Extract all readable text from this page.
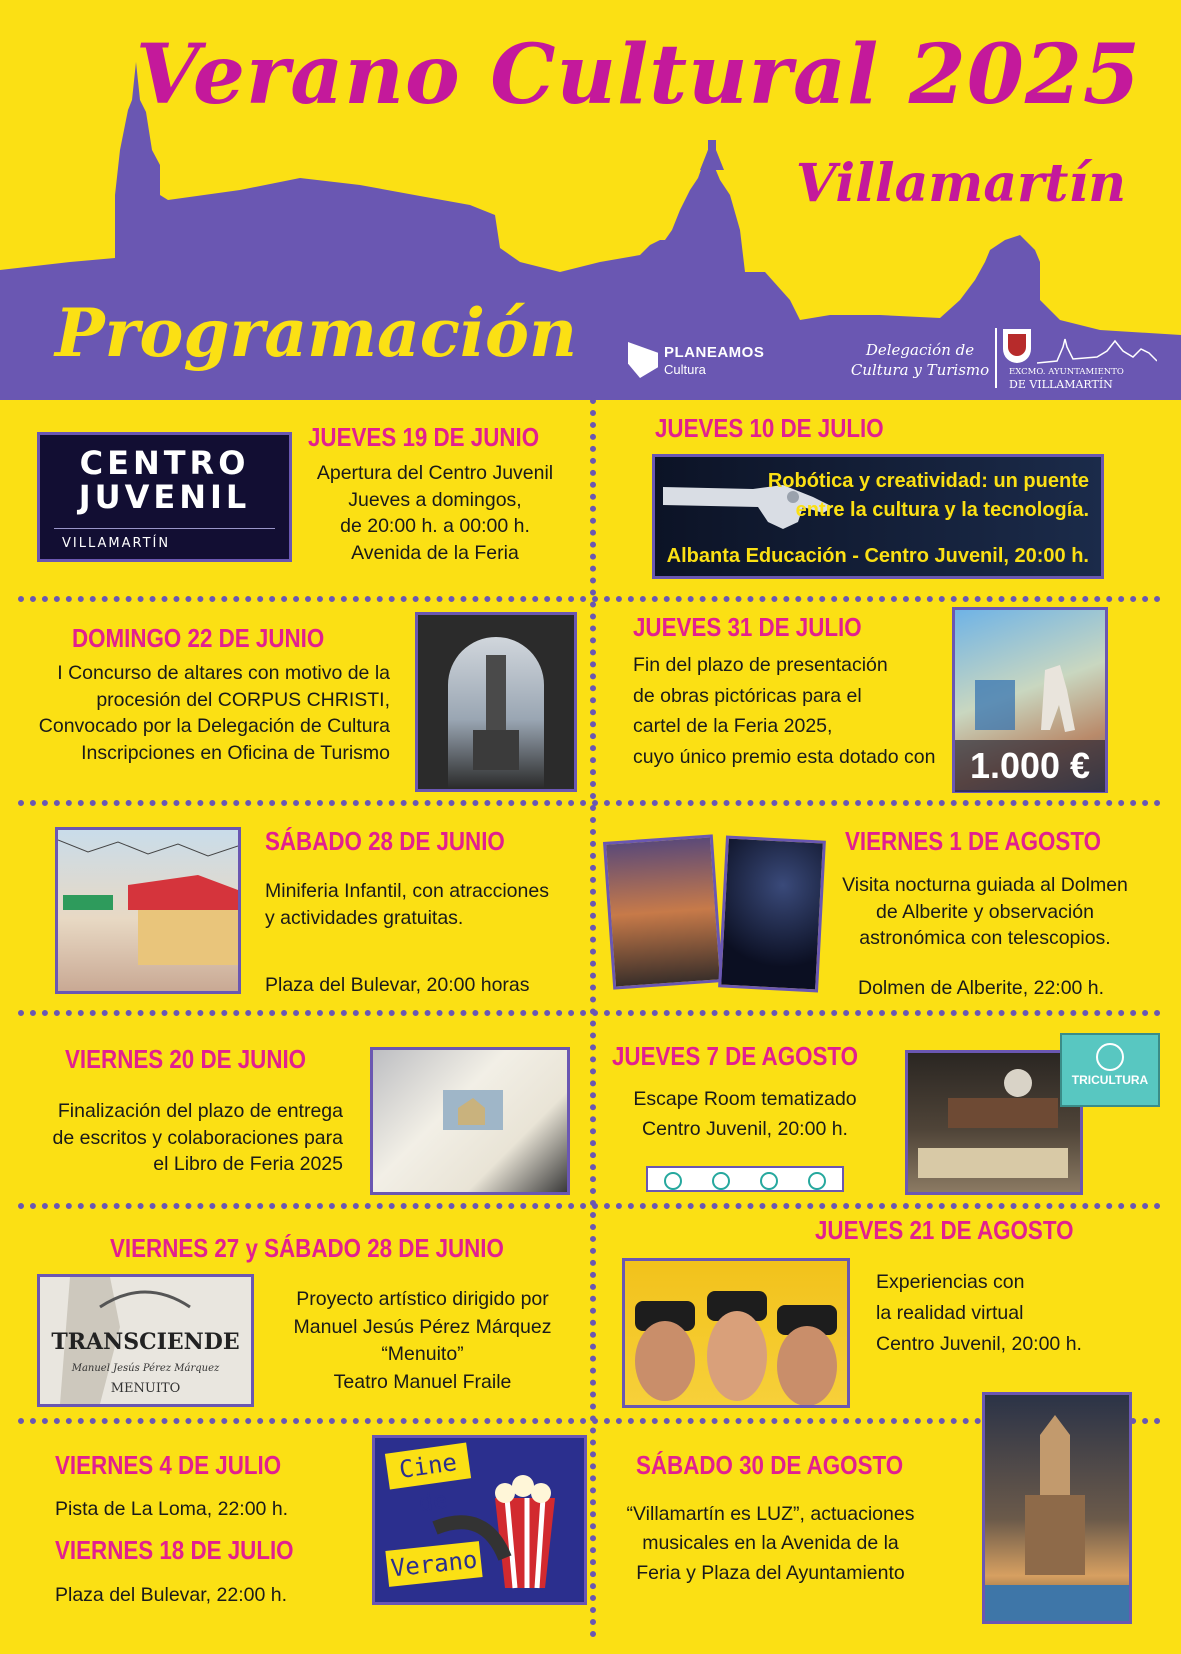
Verano Cultural 2025
Villamartín
Programación	PLANEAMOS
Cultura
Delegación de
Cultura y Turismo EXCMO. AYUNTAMIENTO
DE VILLAMARTÍN
CENTRO
JUVENIL
VILLAMARTÍN
JUEVES 19 DE JUNIO
Apertura del Centro Juvenil
Jueves a domingos,
de 20:00 h. a 00:00 h.
Avenida de la Feria
JUEVES 10 DE JULIO
Robótica y creatividad: un puente
entre la cultura y la tecnología.
Albanta Educación - Centro Juvenil, 20:00 h.
DOMINGO 22 DE JUNIO
I Concurso de altares con motivo de la
procesión del CORPUS CHRISTI,
Convocado por la Delegación de Cultura
Inscripciones en Oficina de Turismo
JUEVES 31 DE JULIO
Fin del plazo de presentación
de obras pictóricas para el
cartel de la Feria 2025,
cuyo único premio esta dotado con 1.000 €
SÁBADO 28 DE JUNIO
Miniferia Infantil, con atracciones
y actividades gratuitas.
Plaza del Bulevar, 20:00 horas
VIERNES 1 DE AGOSTO
Visita nocturna guiada al Dolmen
de Alberite y observación
astronómica con telescopios.
Dolmen de Alberite, 22:00 h.
VIERNES 20 DE JUNIO
Finalización del plazo de entrega
de escritos y colaboraciones para
el Libro de Feria 2025
JUEVES 7 DE AGOSTO
Escape Room tematizado
Centro Juvenil, 20:00 h.
TRICULTURA
VIERNES 27 y SÁBADO 28 DE JUNIO
TRANSCIENDE
Manuel Jesús Pérez Márquez
MENUITO
Proyecto artístico dirigido por
Manuel Jesús Pérez Márquez
“Menuito”
Teatro Manuel Fraile
JUEVES 21 DE AGOSTO
Experiencias con
la realidad virtual
Centro Juvenil, 20:00 h.
VIERNES 4 DE JULIO
Pista de La Loma, 22:00 h.
VIERNES 18 DE JULIO
Plaza del Bulevar, 22:00 h.
Cine de
Verano
SÁBADO 30 DE AGOSTO
“Villamartín es LUZ”, actuaciones
musicales en la Avenida de la
Feria y Plaza del Ayuntamiento
